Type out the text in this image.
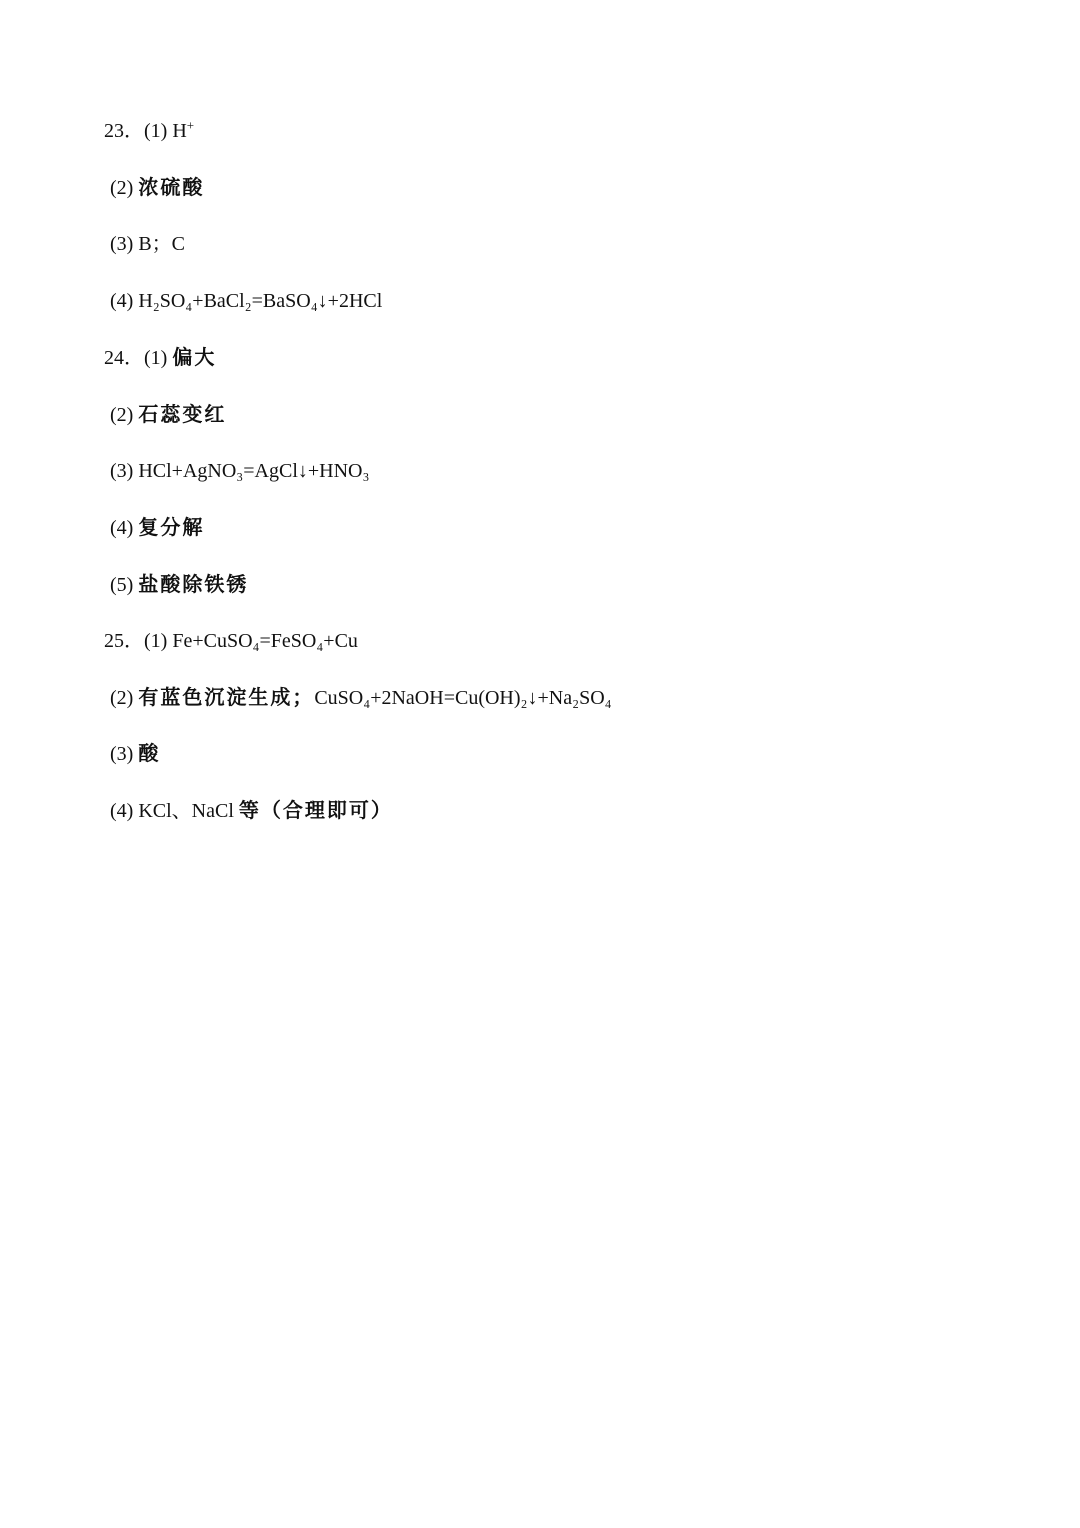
23．(1) H+
(2) 浓硫酸
(3) B；C
(4) H₂SO₄+BaCl₂=BaSO₄↓+2HCl
24．(1) 偏大
(2) 石蕊变红
(3) HCl+AgNO₃=AgCl↓+HNO₃
(4) 复分解
(5) 盐酸除铁锈
25．(1) Fe+CuSO₄=FeSO₄+Cu
(2) 有蓝色沉淀生成；CuSO₄+2NaOH=Cu(OH)₂↓+Na₂SO₄
(3) 酸
(4) KCl、NaCl 等（合理即可）
